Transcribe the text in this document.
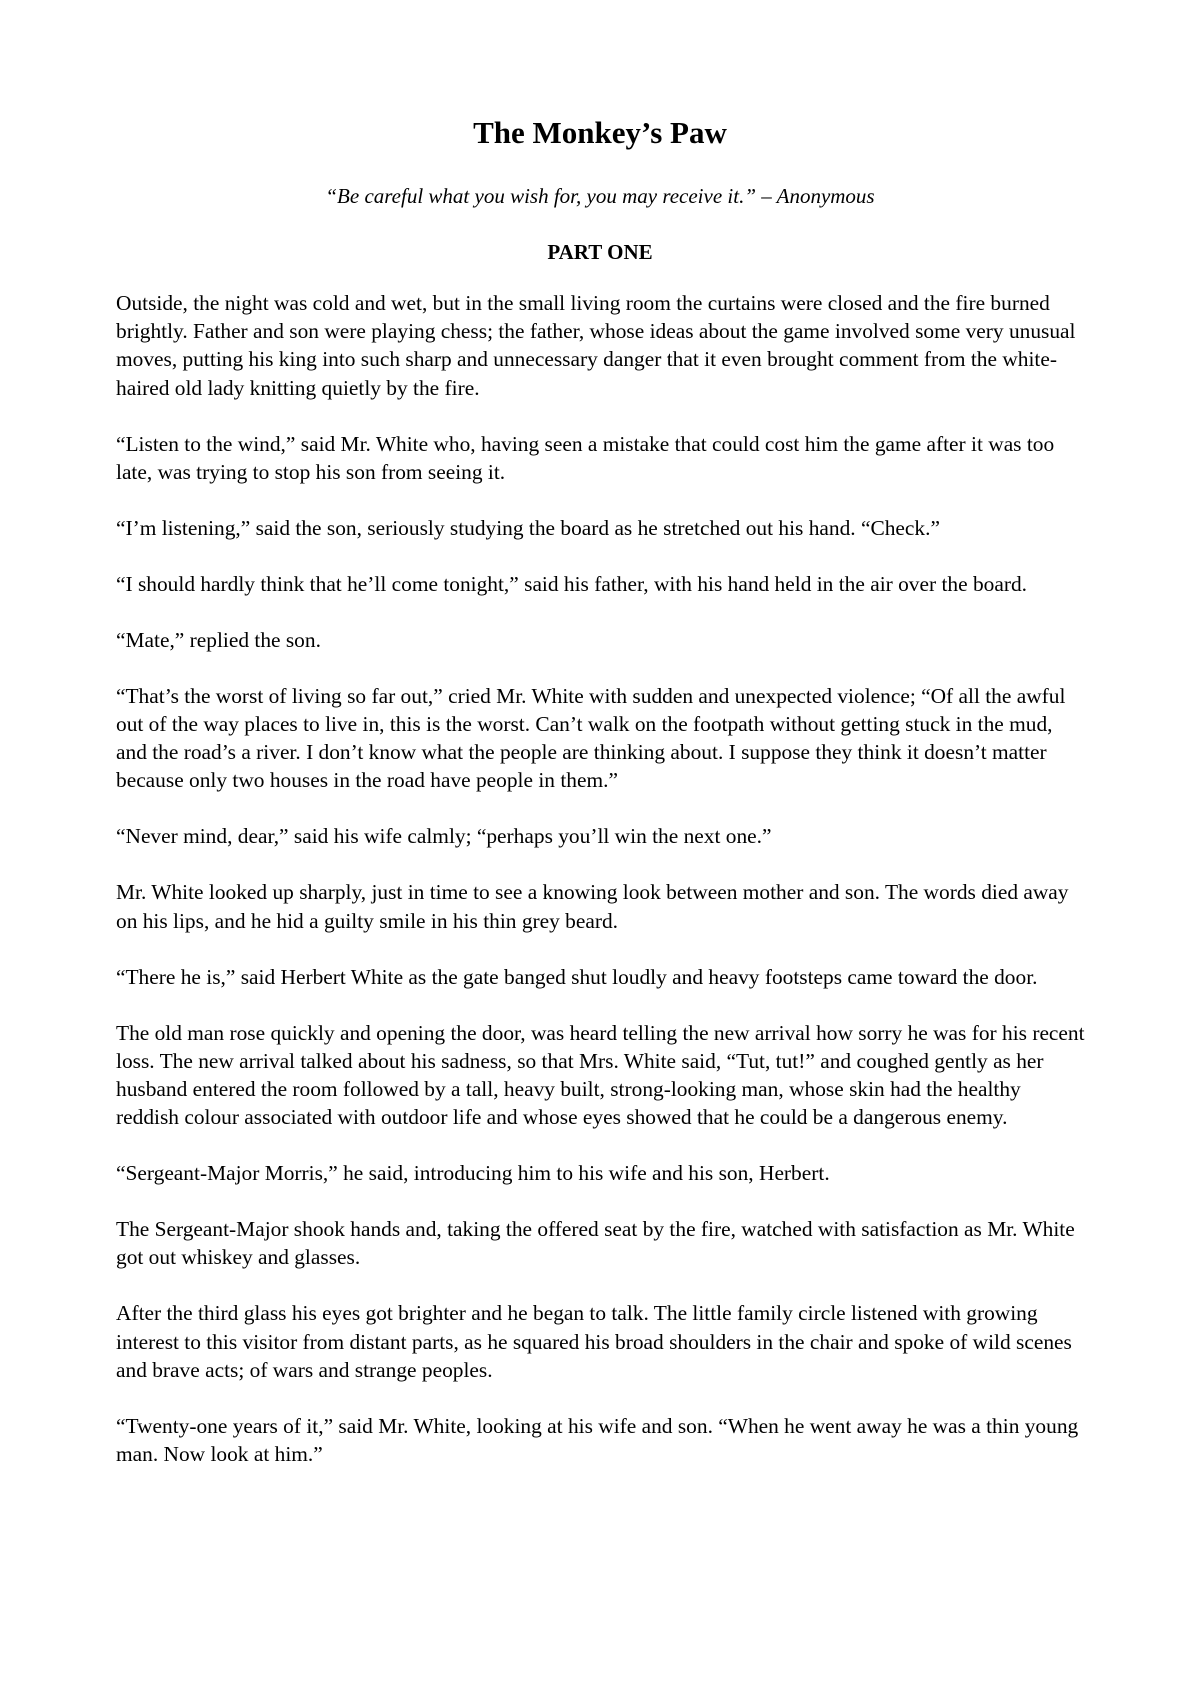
The Monkey’s Paw

“Be careful what you wish for, you may receive it.” – Anonymous

PART ONE

Outside, the night was cold and wet, but in the small living room the curtains were closed and the fire burned brightly. Father and son were playing chess; the father, whose ideas about the game involved some very unusual moves, putting his king into such sharp and unnecessary danger that it even brought comment from the white-haired old lady knitting quietly by the fire.

“Listen to the wind,” said Mr. White who, having seen a mistake that could cost him the game after it was too late, was trying to stop his son from seeing it.

“I’m listening,” said the son, seriously studying the board as he stretched out his hand. “Check.”

“I should hardly think that he’ll come tonight,” said his father, with his hand held in the air over the board.

“Mate,” replied the son.

“That’s the worst of living so far out,” cried Mr. White with sudden and unexpected violence; “Of all the awful out of the way places to live in, this is the worst. Can’t walk on the footpath without getting stuck in the mud, and the road’s a river. I don’t know what the people are thinking about. I suppose they think it doesn’t matter because only two houses in the road have people in them.”

“Never mind, dear,” said his wife calmly; “perhaps you’ll win the next one.”

Mr. White looked up sharply, just in time to see a knowing look between mother and son. The words died away on his lips, and he hid a guilty smile in his thin grey beard.

“There he is,” said Herbert White as the gate banged shut loudly and heavy footsteps came toward the door.

The old man rose quickly and opening the door, was heard telling the new arrival how sorry he was for his recent loss. The new arrival talked about his sadness, so that Mrs. White said, “Tut, tut!” and coughed gently as her husband entered the room followed by a tall, heavy built, strong-looking man, whose skin had the healthy reddish colour associated with outdoor life and whose eyes showed that he could be a dangerous enemy.

“Sergeant-Major Morris,” he said, introducing him to his wife and his son, Herbert.

The Sergeant-Major shook hands and, taking the offered seat by the fire, watched with satisfaction as Mr. White got out whiskey and glasses.

After the third glass his eyes got brighter and he began to talk. The little family circle listened with growing interest to this visitor from distant parts, as he squared his broad shoulders in the chair and spoke of wild scenes and brave acts; of wars and strange peoples.

“Twenty-one years of it,” said Mr. White, looking at his wife and son. “When he went away he was a thin young man. Now look at him.”
